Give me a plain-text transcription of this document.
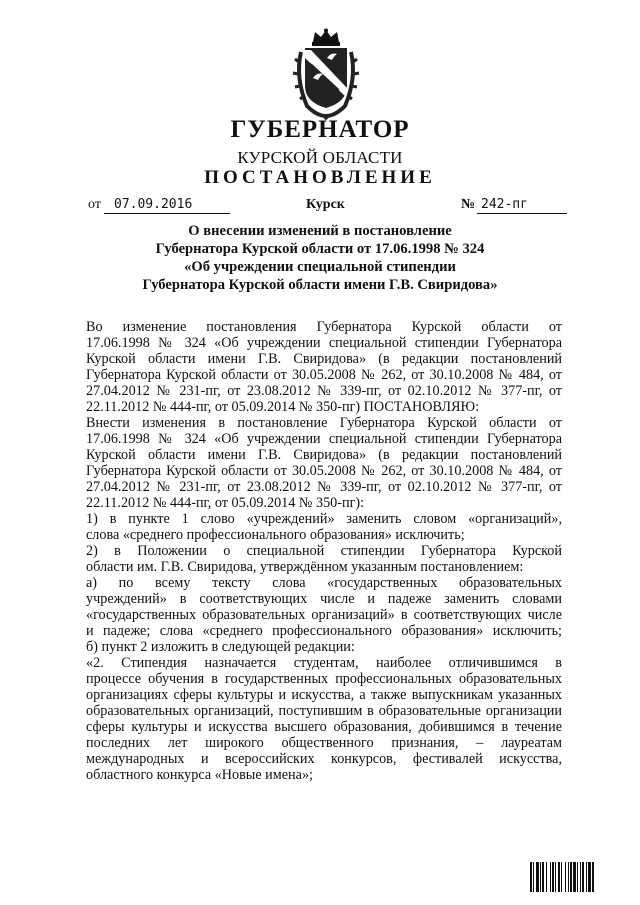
ГУБЕРНАТОР
КУРСКОЙ ОБЛАСТИ
ПОСТАНОВЛЕНИЕ
от	07.09.2016	Курск	№ 242-пг
О внесении изменений в постановление
Губернатора Курской области от 17.06.1998 № 324
«Об учреждении специальной стипендии
Губернатора Курской области имени Г.В. Свиридова»
Во изменение постановления Губернатора Курской области от
17.06.1998 № 324 «Об учреждении специальной стипендии Губернатора
Курской области имени Г.В. Свиридова» (в редакции постановлений
Губернатора Курской области от 30.05.2008 № 262, от 30.10.2008 № 484, от
27.04.2012 № 231-пг, от 23.08.2012 № 339-пг, от 02.10.2012 № 377-пг, от
22.11.2012 № 444-пг, от 05.09.2014 № 350-пг) ПОСТАНОВЛЯЮ:
Внести изменения в постановление Губернатора Курской области от
17.06.1998 № 324 «Об учреждении специальной стипендии Губернатора
Курской области имени Г.В. Свиридова» (в редакции постановлений
Губернатора Курской области от 30.05.2008 № 262, от 30.10.2008 № 484, от
27.04.2012 № 231-пг, от 23.08.2012 № 339-пг, от 02.10.2012 № 377-пг, от
22.11.2012 № 444-пг, от 05.09.2014 № 350-пг):
1) в пункте 1 слово «учреждений» заменить словом «организаций»,
слова «среднего профессионального образования» исключить;
2) в Положении о специальной стипендии Губернатора Курской
области им. Г.В. Свиридова, утверждённом указанным постановлением:
а) по всему тексту слова «государственных образовательных
учреждений» в соответствующих числе и падеже заменить словами
«государственных образовательных организаций» в соответствующих числе
и падеже; слова «среднего профессионального образования» исключить;
б) пункт 2 изложить в следующей редакции:
«2. Стипендия назначается студентам, наиболее отличившимся в
процессе обучения в государственных профессиональных образовательных
организациях сферы культуры и искусства, а также выпускникам указанных
образовательных организаций, поступившим в образовательные организации
сферы культуры и искусства высшего образования, добившимся в течение
последних лет широкого общественного признания, – лауреатам
международных и всероссийских конкурсов, фестивалей искусства,
областного конкурса «Новые имена»;
